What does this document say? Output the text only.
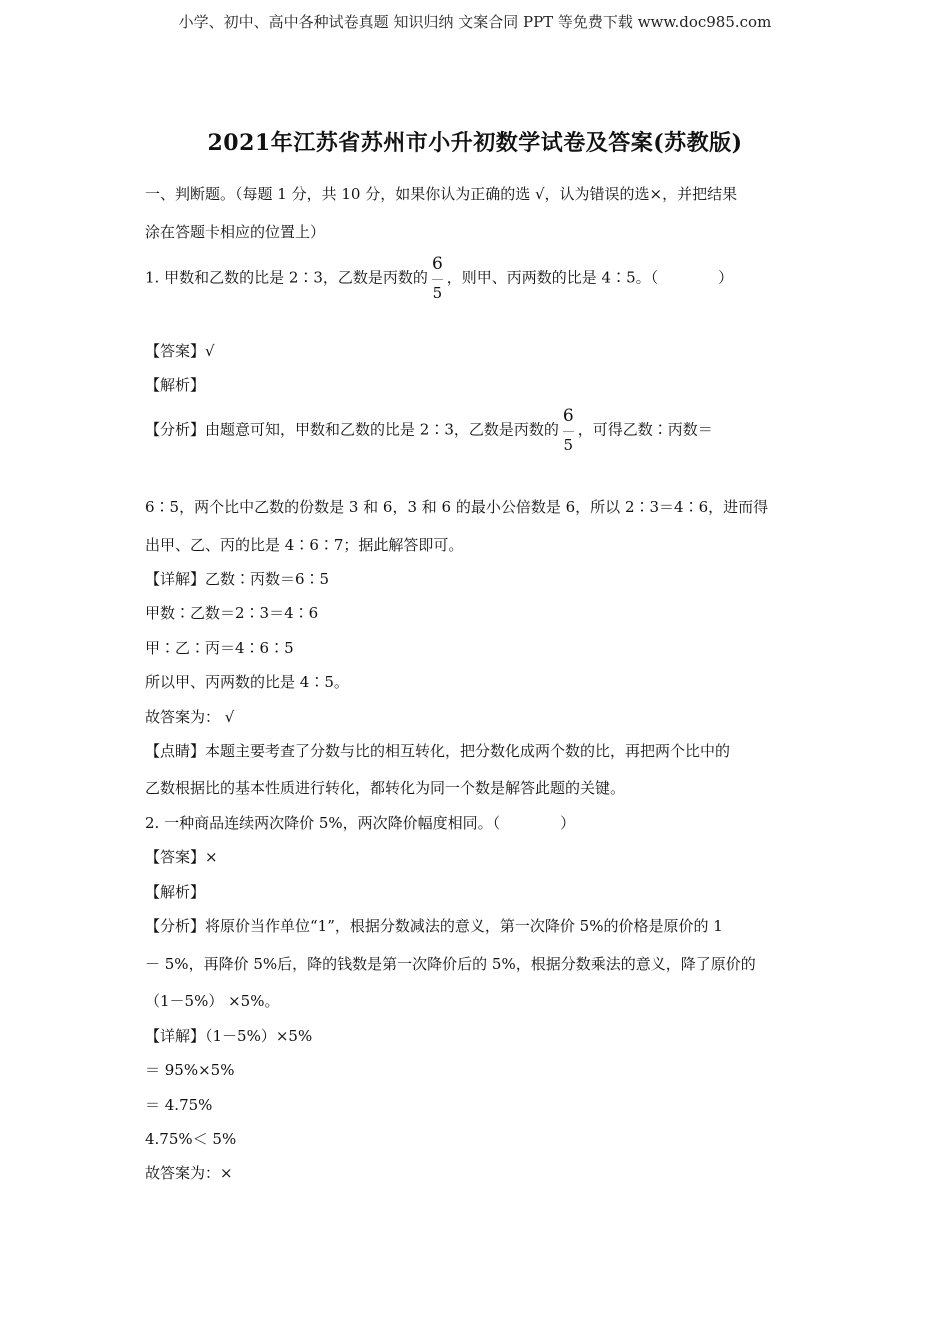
小学、初中、高中各种试卷真题 知识归纳 文案合同 PPT 等免费下载 www.doc985.com
2021年江苏省苏州市小升初数学试卷及答案(苏教版)
一、判断题。（每题 1 分，共 10 分，如果你认为正确的选 √，认为错误的选×，并把结果
涂在答题卡相应的位置上）
1. 甲数和乙数的比是 2∶3，乙数是丙数的 $\frac{6}{5}$ ，则甲、丙两数的比是 4∶5。（	）
【答案】√
【解析】
【分析】由题意可知，甲数和乙数的比是 2∶3，乙数是丙数的 $\frac{6}{5}$ ，可得乙数∶丙数＝
6∶5，两个比中乙数的份数是 3 和 6，3 和 6 的最小公倍数是 6，所以 2∶3＝4∶6，进而得
出甲、乙、丙的比是 4∶6∶7；据此解答即可。
【详解】乙数∶丙数＝6∶5
甲数∶乙数＝2∶3＝4∶6
甲∶乙∶丙＝4∶6∶5
所以甲、丙两数的比是 4∶5。
故答案为： √
【点睛】本题主要考查了分数与比的相互转化，把分数化成两个数的比，再把两个比中的
乙数根据比的基本性质进行转化，都转化为同一个数是解答此题的关键。
2. 一种商品连续两次降价 5%，两次降价幅度相同。（	）
【答案】×
【解析】
【分析】将原价当作单位“1”，根据分数减法的意义，第一次降价 5%的价格是原价的 1
－ 5%，再降价 5%后，降的钱数是第一次降价后的 5%，根据分数乘法的意义，降了原价的
（1－5%） ×5%。
【详解】（1－5%）×5%
＝ 95%×5%
＝ 4.75%
4.75%＜ 5%
故答案为：×
